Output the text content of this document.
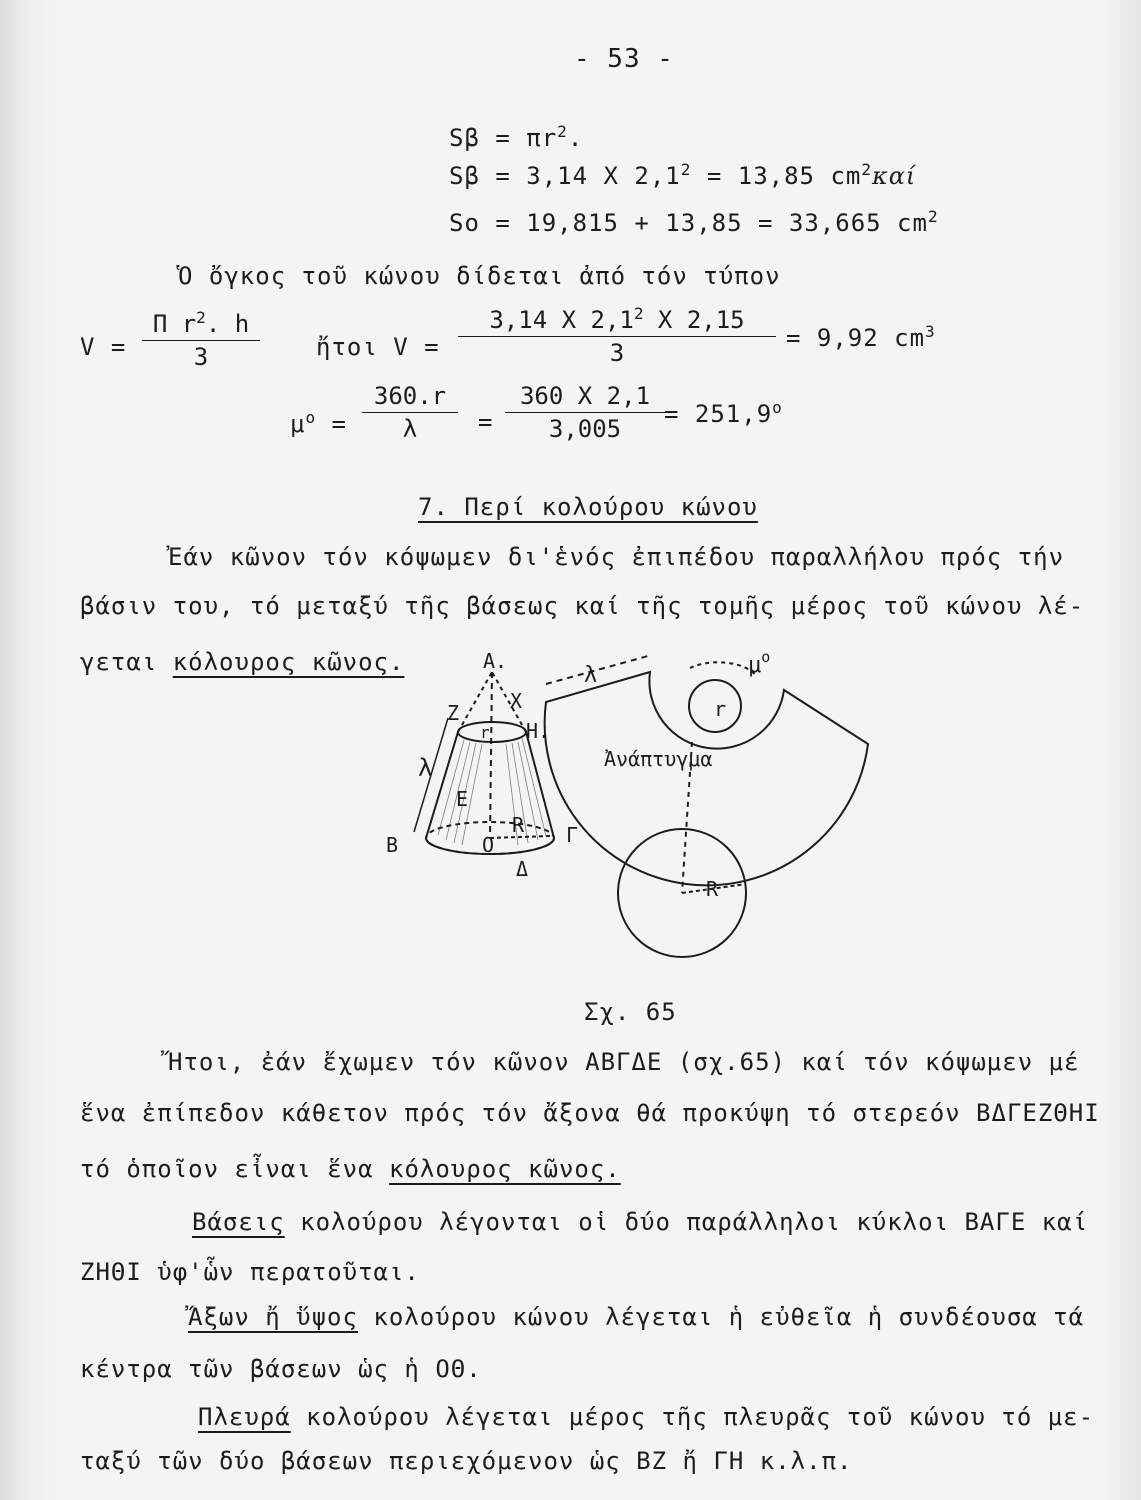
- 53 -
$S\beta = \pi r^2$.
Sβ = 3,14 X $2,1^2 = 13,85$ $cm^2\kappa\alpha ί$
So = 19,815 + 13,85 = 33,665 $cm^2$
Ὁ ὄγκος τοῦ κώνου δίδεται ἀπό τόν τύπον
V =
Π $r^2$. h
3	ἤτοι V =
3,14 X $2,1^2$ X 2,15
3
= 9,92 $cm^3$
$\mu^o$ =
360.r
λ	=
360 X 2,1
3,005
= $251,9^o$
7. Περί κολούρου κώνου
Ἐάν κῶνον τόν κόψωμεν δι'ἑνός ἐπιπέδου παραλλήλου πρός τήν
βάσιν του, τό μεταξύ τῆς βάσεως καί τῆς τομῆς μέρος τοῦ κώνου λέ-
γεται κόλουρος κῶνος.	A.
Z	X
r H.
λ
E
R
B	O	Γ
Δ
λ	$\mu^o$
r
Ἀνάπτυγμα
R
Σχ. 65
Ἤτοι, ἐάν ἔχωμεν τόν κῶνον ΑΒΓΔΕ (σχ.65) καί τόν κόψωμεν μέ
ἕνα ἐπίπεδον κάθετον πρός τόν ἄξονα θά προκύψη τό στερεόν ΒΔΓΕΖΘΗΙ
τό ὁποῖον εἶναι ἕνα κόλουρος κῶνος.
Βάσεις κολούρου λέγονται οἱ δύο παράλληλοι κύκλοι ΒΑΓΕ καί
ΖΗΘΙ ὑφ'ὧν περατοῦται.
Ἄξων ἤ ὕψος κολούρου κώνου λέγεται ἡ εὐθεῖα ἡ συνδέουσα τά
κέντρα τῶν βάσεων ὡς ἡ ΟΘ.
Πλευρά κολούρου λέγεται μέρος τῆς πλευρᾶς τοῦ κώνου τό με-
ταξύ τῶν δύο βάσεων περιεχόμενον ὡς ΒΖ ἤ ΓΗ κ.λ.π.
